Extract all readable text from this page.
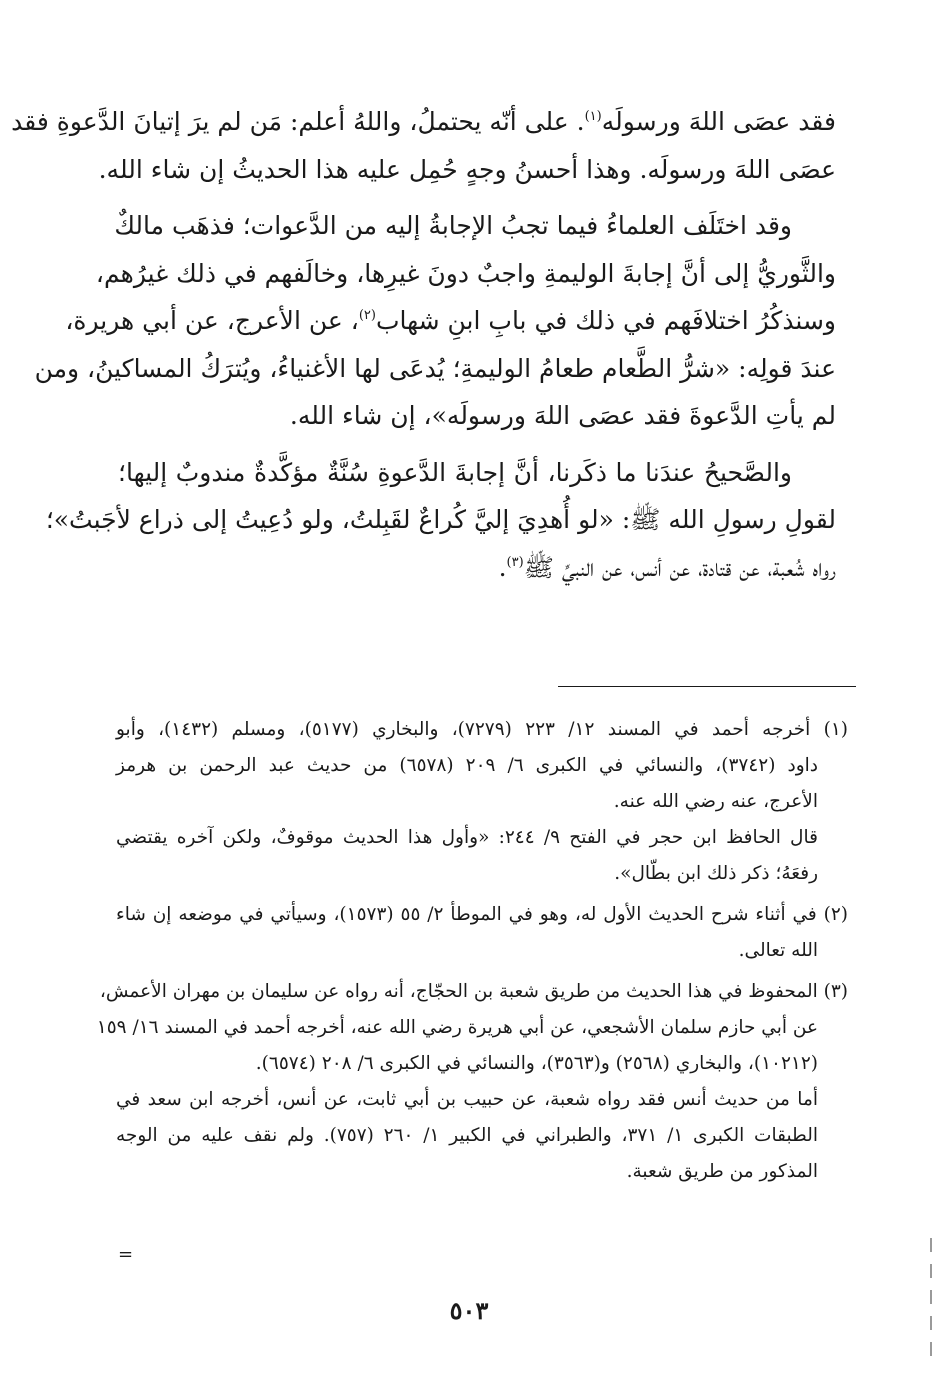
فقد عصَى اللهَ ورسولَه$^{(١)}$. على أنّه يحتملُ، واللهُ أعلم: مَن لم يرَ إتيانَ الدَّعوةِ فقد
عصَى اللهَ ورسولَه. وهذا أحسنُ وجهٍ حُمِل عليه هذا الحديثُ إن شاء الله.

وقد اختَلَف العلماءُ فيما تجبُ الإجابةُ إليه من الدَّعوات؛ فذهَب مالكٌ
والثَّوريُّ إلى أنَّ إجابةَ الوليمةِ واجبٌ دونَ غيرِها، وخالَفهم في ذلك غيرُهم،
وسنذكُرُ اختلافَهم في ذلك في بابِ ابنِ شهاب$^{(٢)}$، عن الأعرج، عن أبي هريرة،
عندَ قولِه: «شرُّ الطَّعام طعامُ الوليمةِ؛ يُدعَى لها الأغنياءُ، ويُترَكُ المساكينُ، ومن
لم يأتِ الدَّعوةَ فقد عصَى اللهَ ورسولَه»، إن شاء الله.

والصَّحيحُ عندَنا ما ذكَرنا، أنَّ إجابةَ الدَّعوةِ سُنَّةٌ مؤكَّدةٌ مندوبٌ إليها؛
لقولِ رسولِ الله ﷺ: «لو أُهدِيَ إليَّ كُراعٌ لقَبِلتُ، ولو دُعِيتُ إلى ذراع لأجَبتُ»؛
رواه شُعبة، عن قتادة، عن أنس، عن النبيِّ ﷺ$^{(٣)}$.

(١) أخرجه أحمد في المسند ١٢/ ٢٢٣ (٧٢٧٩)، والبخاري (٥١٧٧)، ومسلم (١٤٣٢)، وأبو
داود (٣٧٤٢)، والنسائي في الكبرى ٦/ ٢٠٩ (٦٥٧٨) من حديث عبد الرحمن بن هرمز
الأعرج، عنه رضي الله عنه.
قال الحافظ ابن حجر في الفتح ٩/ ٢٤٤: «وأول هذا الحديث موقوفٌ، ولكن آخره يقتضي
رفعَهُ؛ ذكر ذلك ابن بطّال».
(٢) في أثناء شرح الحديث الأول له، وهو في الموطأ ٢/ ٥٥ (١٥٧٣)، وسيأتي في موضعه إن شاء
الله تعالى.
(٣) المحفوظ في هذا الحديث من طريق شعبة بن الحجّاج، أنه رواه عن سليمان بن مهران الأعمش،
عن أبي حازم سلمان الأشجعي، عن أبي هريرة رضي الله عنه، أخرجه أحمد في المسند ١٦/ ١٥٩
(١٠٢١٢)، والبخاري (٢٥٦٨) و(٣٥٦٣)، والنسائي في الكبرى ٦/ ٢٠٨ (٦٥٧٤).
أما من حديث أنس فقد رواه شعبة، عن حبيب بن أبي ثابت، عن أنس، أخرجه ابن سعد في
الطبقات الكبرى ١/ ٣٧١، والطبراني في الكبير ١/ ٢٦٠ (٧٥٧). ولم نقف عليه من الوجه
المذكور من طريق شعبة.
=
٥٠٣
